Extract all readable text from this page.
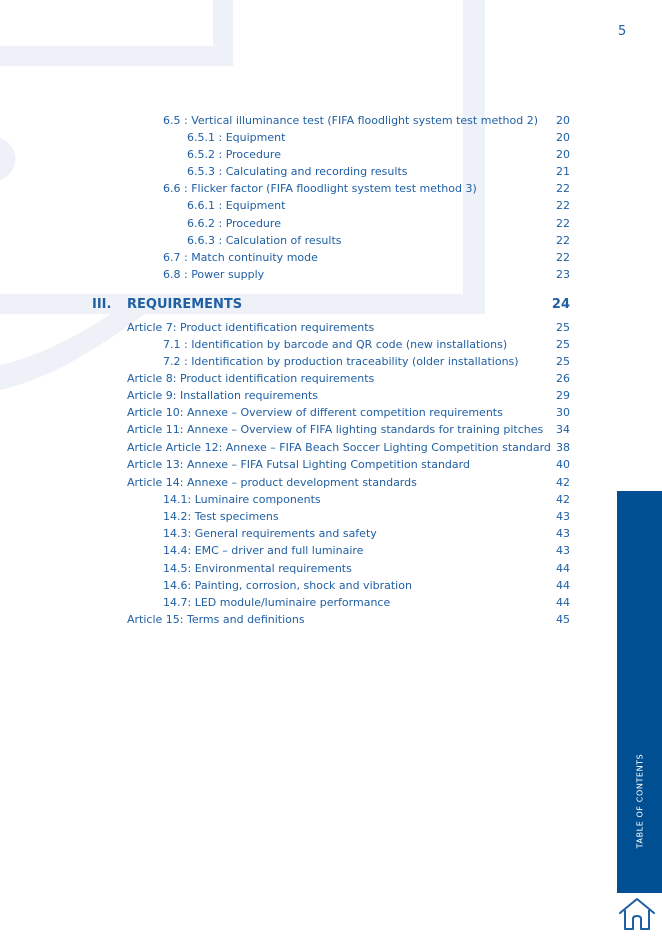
5
6.5 : Vertical illuminance test (FIFA floodlight system test method 2)	20
6.5.1 : Equipment	20
6.5.2 : Procedure	20
6.5.3 : Calculating and recording results	21
6.6 : Flicker factor (FIFA floodlight system test method 3)	22
6.6.1 : Equipment	22
6.6.2 : Procedure	22
6.6.3 : Calculation of results	22
6.7 : Match continuity mode	22
6.8 : Power supply	23
III. REQUIREMENTS	24
Article 7: Product identification requirements	25
7.1 : Identification by barcode and QR code (new installations)	25
7.2 : Identification by production traceability (older installations)	25
Article 8: Product identification requirements	26
Article 9: Installation requirements	29
Article 10: Annexe – Overview of different competition requirements	30
Article 11: Annexe – Overview of FIFA lighting standards for training pitches	34
Article Article 12: Annexe – FIFA Beach Soccer Lighting Competition standard 38
Article 13: Annexe – FIFA Futsal Lighting Competition standard	40
Article 14: Annexe – product development standards	42
14.1: Luminaire components	42
14.2: Test specimens	43
14.3: General requirements and safety	43
14.4: EMC – driver and full luminaire	43
14.5: Environmental requirements	44
14.6: Painting, corrosion, shock and vibration	44
14.7: LED module/luminaire performance	44
Article 15: Terms and definitions	45
TABLE OF CONTENTS
